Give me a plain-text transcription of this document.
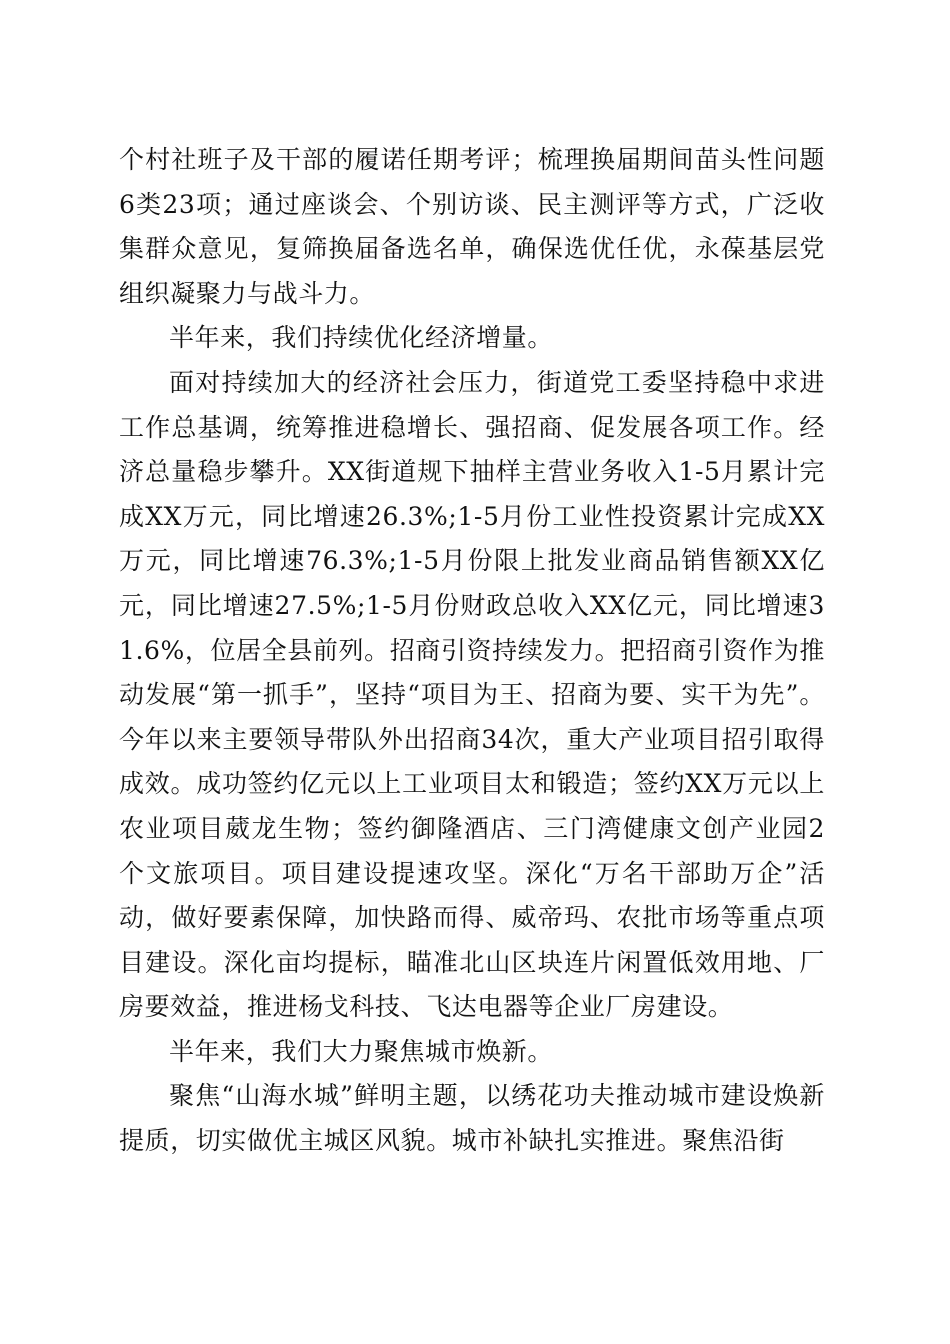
个村社班子及干部的履诺任期考评；梳理换届期间苗头性问题6类23项；通过座谈会、个别访谈、民主测评等方式，广泛收集群众意见，复筛换届备选名单，确保选优任优，永葆基层党组织凝聚力与战斗力。

半年来，我们持续优化经济增量。

面对持续加大的经济社会压力，街道党工委坚持稳中求进工作总基调，统筹推进稳增长、强招商、促发展各项工作。经济总量稳步攀升。XX街道规下抽样主营业务收入1-5月累计完成XX万元，同比增速26.3%;1-5月份工业性投资累计完成XX万元，同比增速76.3%;1-5月份限上批发业商品销售额XX亿元，同比增速27.5%;1-5月份财政总收入XX亿元，同比增速31.6%，位居全县前列。招商引资持续发力。把招商引资作为推动发展“第一抓手”，坚持“项目为王、招商为要、实干为先”。今年以来主要领导带队外出招商34次，重大产业项目招引取得成效。成功签约亿元以上工业项目太和锻造；签约XX万元以上农业项目葳龙生物；签约御隆酒店、三门湾健康文创产业园2个文旅项目。项目建设提速攻坚。深化“万名干部助万企”活动，做好要素保障，加快路而得、威帝玛、农批市场等重点项目建设。深化亩均提标，瞄准北山区块连片闲置低效用地、厂房要效益，推进杨戈科技、飞达电器等企业厂房建设。

半年来，我们大力聚焦城市焕新。

聚焦“山海水城”鲜明主题，以绣花功夫推动城市建设焕新提质，切实做优主城区风貌。城市补缺扎实推进。聚焦沿街
